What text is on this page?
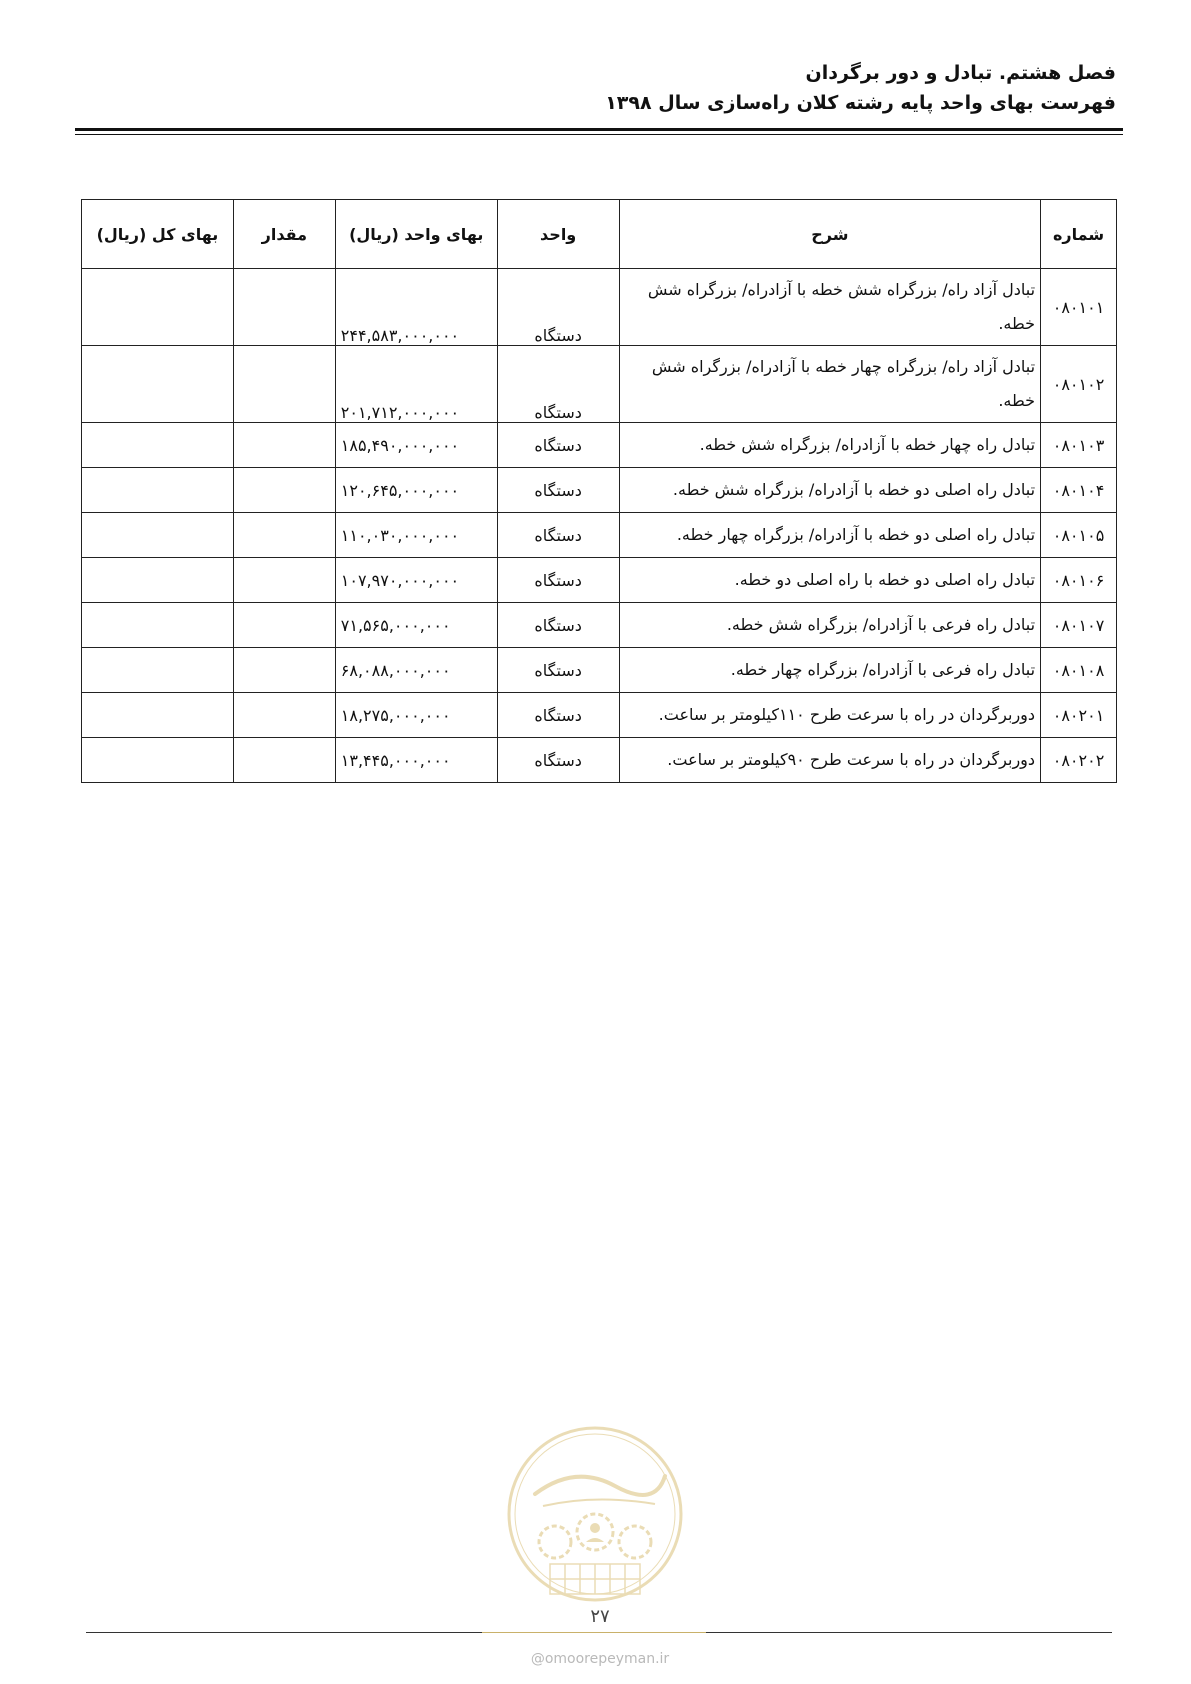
فصل هشتم. تبادل و دور برگردان
فهرست بهای واحد پایه رشته کلان راه‌سازی سال ۱۳۹۸
شماره	شرح	واحد	بهای واحد (ریال)	مقدار	بهای کل (ریال)
۰۸۰۱۰۱	تبادل آزاد راه/ بزرگراه شش خطه با آزادراه/ بزرگراه شش خطه.	دستگاه	۲۴۴,۵۸۳,۰۰۰,۰۰۰		
۰۸۰۱۰۲	تبادل آزاد راه/ بزرگراه چهار خطه با آزادراه/ بزرگراه شش خطه.	دستگاه	۲۰۱,۷۱۲,۰۰۰,۰۰۰		
۰۸۰۱۰۳	تبادل راه چهار خطه با آزادراه/ بزرگراه شش خطه.	دستگاه	۱۸۵,۴۹۰,۰۰۰,۰۰۰		
۰۸۰۱۰۴	تبادل راه اصلی دو خطه با آزادراه/ بزرگراه شش خطه.	دستگاه	۱۲۰,۶۴۵,۰۰۰,۰۰۰		
۰۸۰۱۰۵	تبادل راه اصلی دو خطه با آزادراه/ بزرگراه چهار خطه.	دستگاه	۱۱۰,۰۳۰,۰۰۰,۰۰۰		
۰۸۰۱۰۶	تبادل راه اصلی دو خطه با راه اصلی دو خطه.	دستگاه	۱۰۷,۹۷۰,۰۰۰,۰۰۰		
۰۸۰۱۰۷	تبادل راه فرعی با آزادراه/ بزرگراه شش خطه.	دستگاه	۷۱,۵۶۵,۰۰۰,۰۰۰		
۰۸۰۱۰۸	تبادل راه فرعی با آزادراه/ بزرگراه چهار خطه.	دستگاه	۶۸,۰۸۸,۰۰۰,۰۰۰		
۰۸۰۲۰۱	دوربرگردان در راه با سرعت طرح ۱۱۰کیلومتر بر ساعت.	دستگاه	۱۸,۲۷۵,۰۰۰,۰۰۰		
۰۸۰۲۰۲	دوربرگردان در راه با سرعت طرح ۹۰کیلومتر بر ساعت.	دستگاه	۱۳,۴۴۵,۰۰۰,۰۰۰		
۲۷
@omoorepeyman.ir
